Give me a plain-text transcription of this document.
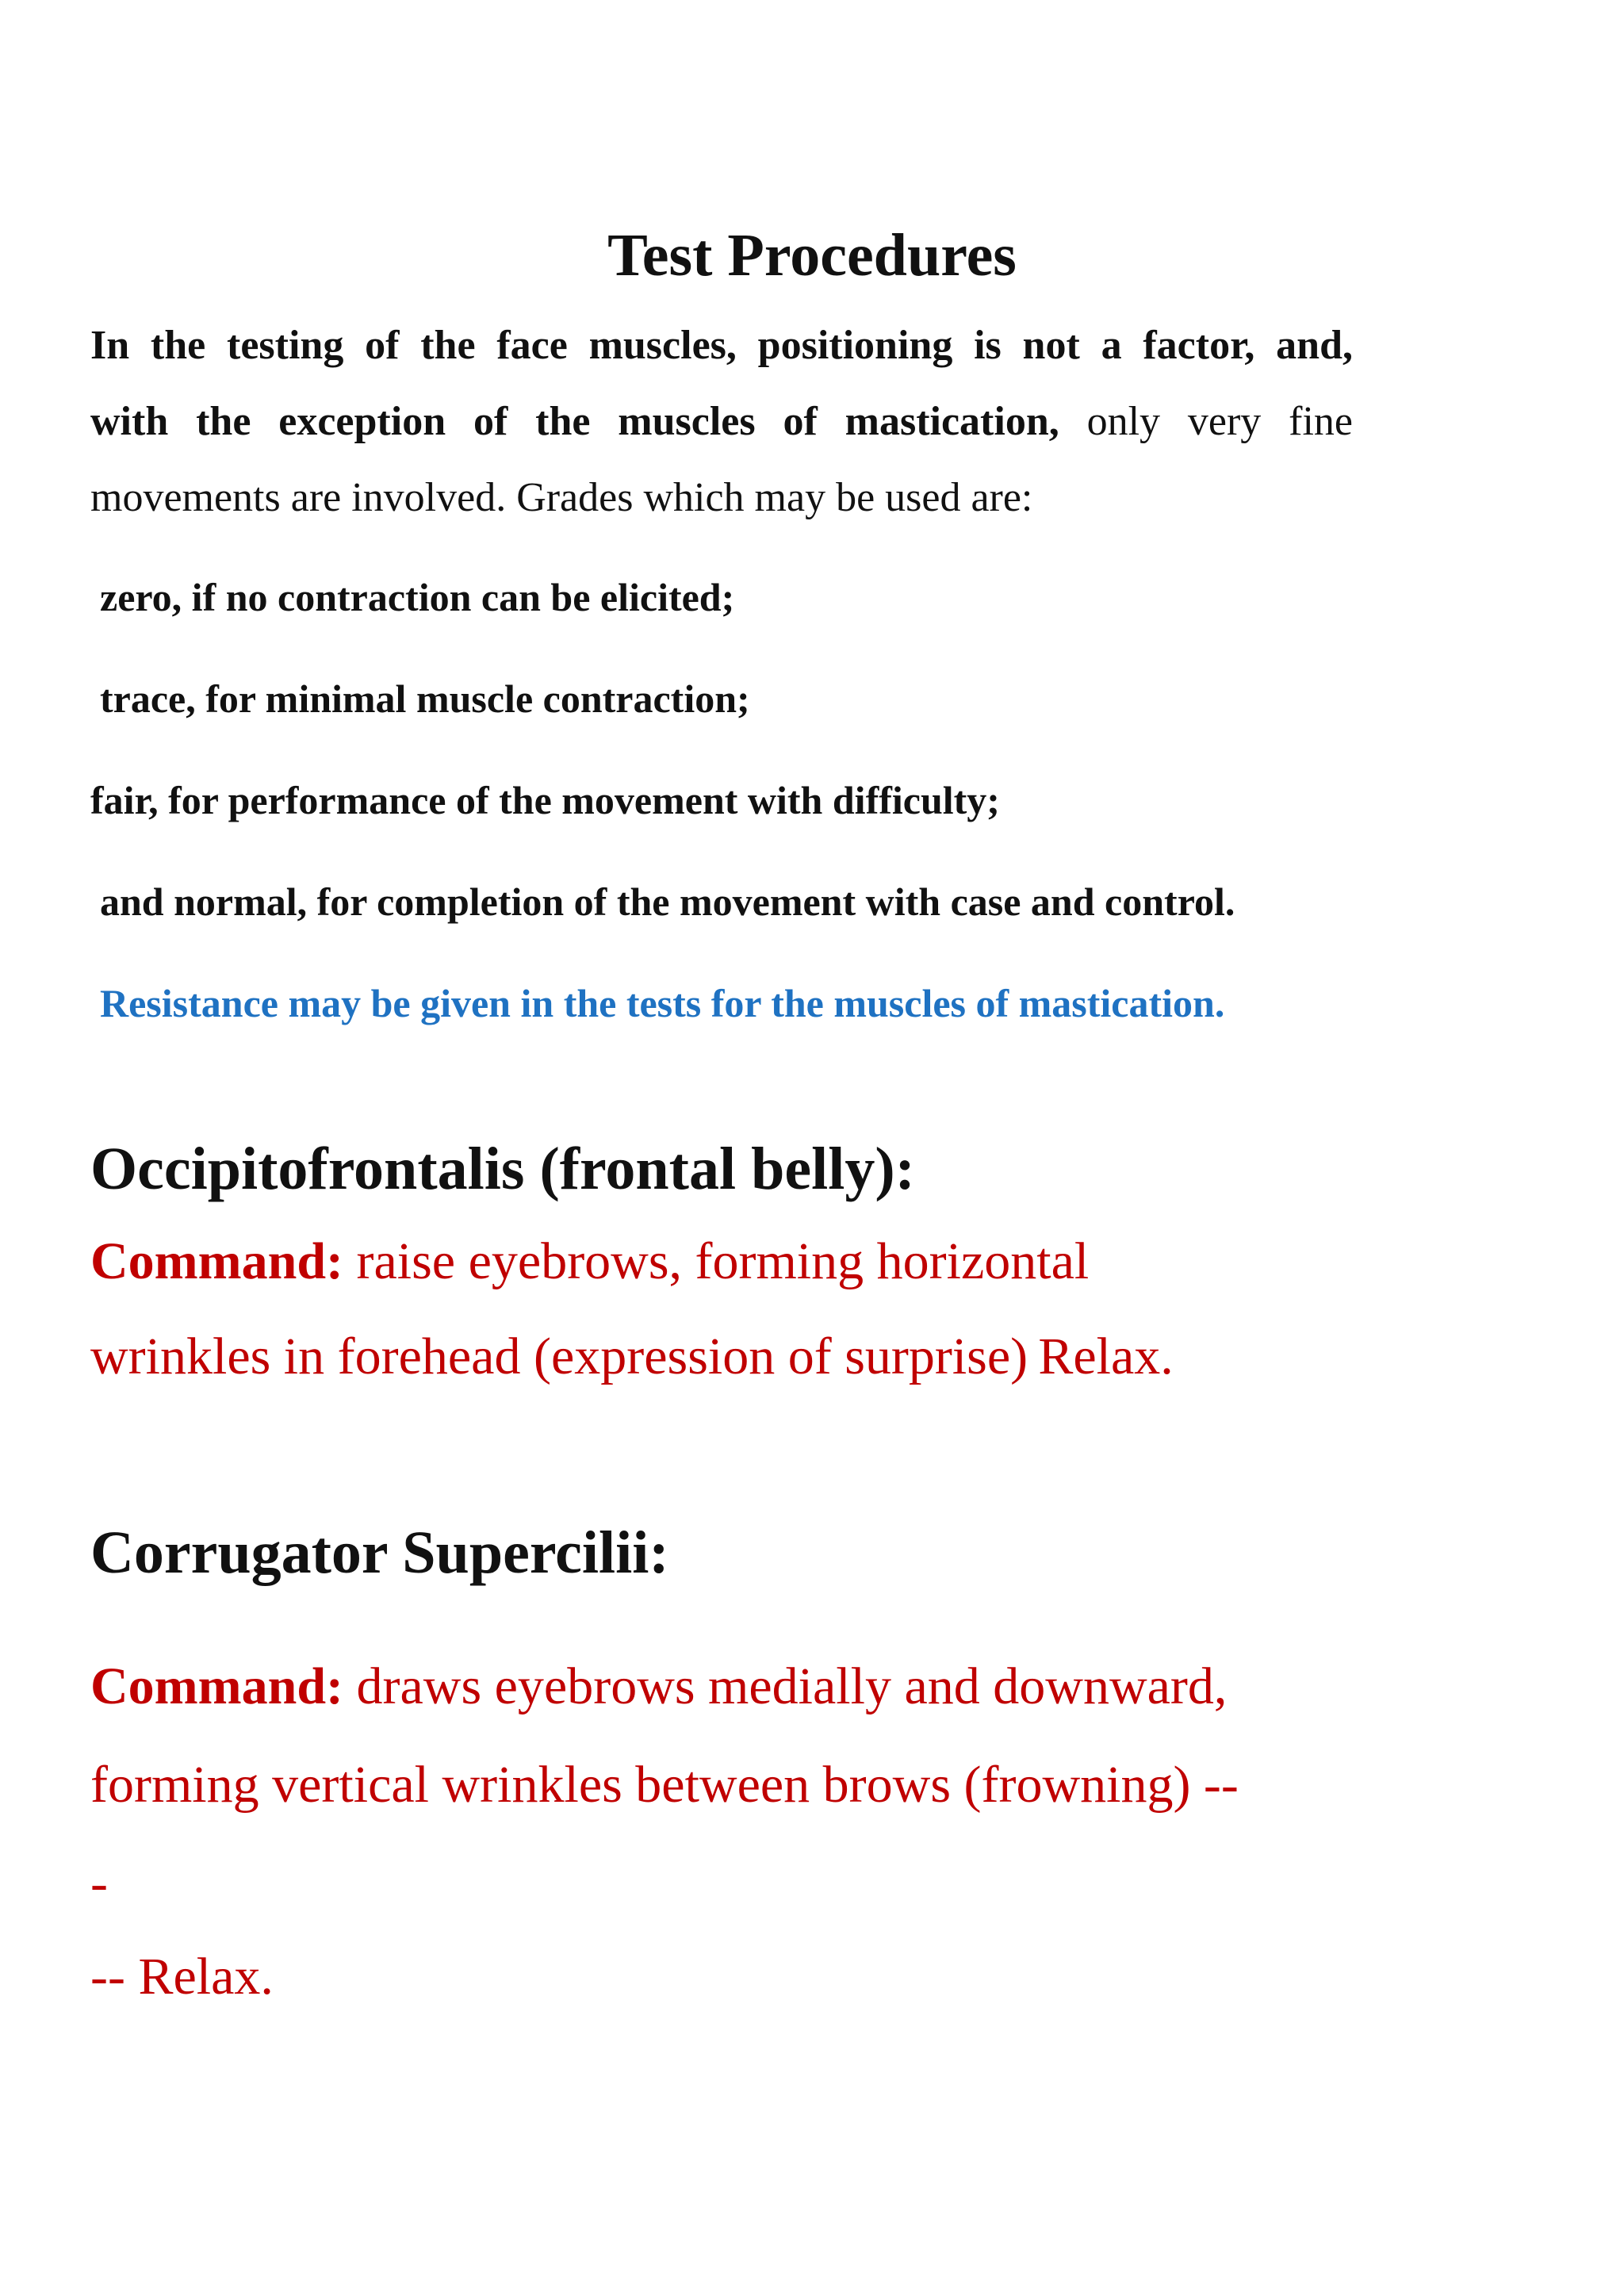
Test Procedures
In the testing of the face muscles, positioning is not a factor, and,
with the exception of the muscles of mastication, only very fine
movements are involved. Grades which may be used are:
zero, if no contraction can be elicited;
trace, for minimal muscle contraction;
fair, for performance of the movement with difficulty;
and normal, for completion of the movement with case and control.
Resistance may be given in the tests for the muscles of mastication.
Occipitofrontalis (frontal belly):
Command: raise eyebrows, forming horizontal
wrinkles in forehead (expression of surprise) Relax.
Corrugator Supercilii:
Command: draws eyebrows medially and downward,
forming vertical wrinkles between brows (frowning) --
-
-- Relax.
